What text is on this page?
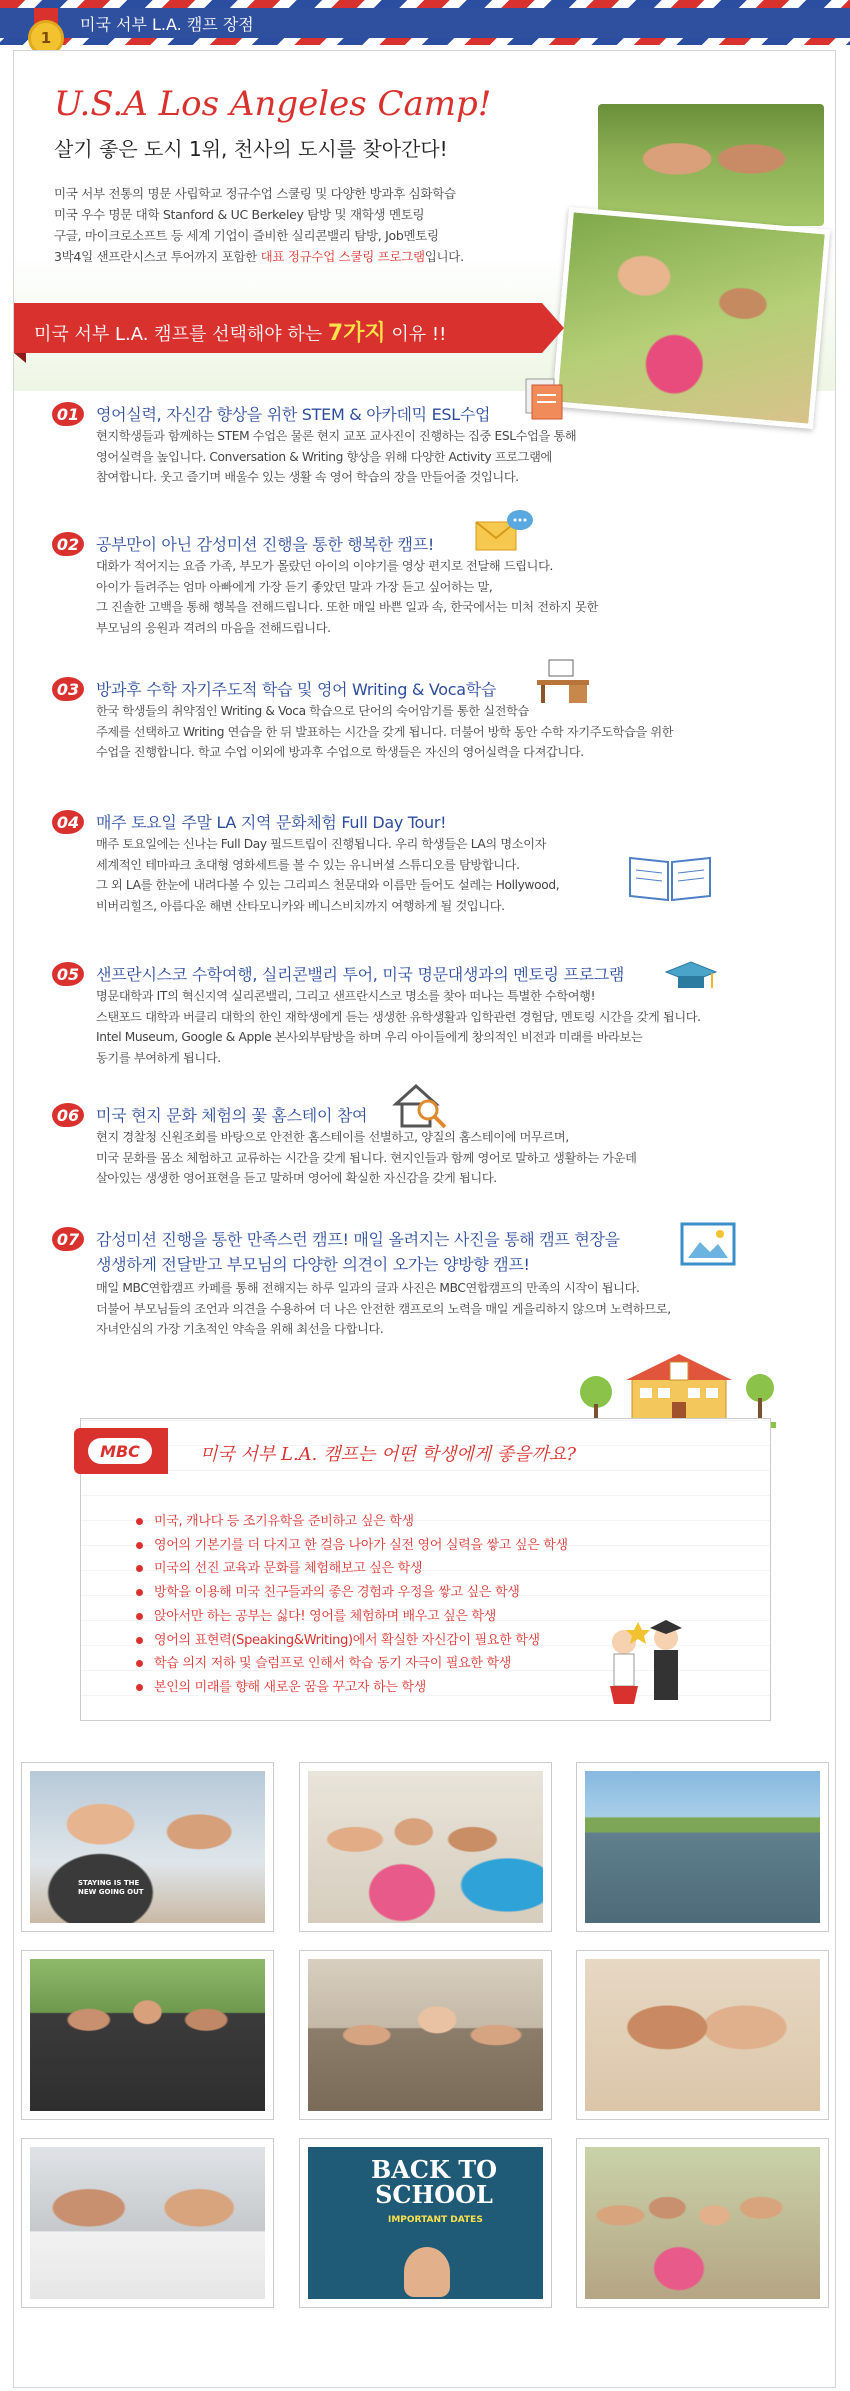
1
미국 서부 L.A. 캠프 장점
U.S.A Los Angeles Camp!
살기 좋은 도시 1위, 천사의 도시를 찾아간다!
미국 서부 전통의 명문 사립학교 정규수업 스쿨링 및 다양한 방과후 심화학습
미국 우수 명문 대학 Stanford & UC Berkeley 탐방 및 재학생 멘토링
구글, 마이크로소프트 등 세계 기업이 즐비한 실리콘밸리 탐방, Job멘토링
3박4일 샌프란시스코 투어까지 포함한 대표 정규수업 스쿨링 프로그램입니다.
미국 서부 L.A. 캠프를 선택해야 하는 7가지 이유 !!
01	영어실력, 자신감 향상을 위한 STEM & 아카데믹 ESL수업
현지학생들과 함께하는 STEM 수업은 물론 현지 교포 교사진이 진행하는 집중 ESL수업을 통해
영어실력을 높입니다. Conversation & Writing 향상을 위해 다양한 Activity 프로그램에
참여합니다. 웃고 즐기며 배울수 있는 생활 속 영어 학습의 장을 만들어줄 것입니다.
02	공부만이 아닌 감성미션 진행을 통한 행복한 캠프!
대화가 적어지는 요즘 가족, 부모가 몰랐던 아이의 이야기를 영상 편지로 전달해 드립니다.
아이가 들려주는 엄마 아빠에게 가장 듣기 좋았던 말과 가장 듣고 싶어하는 말,
그 진솔한 고백을 통해 행복을 전해드립니다. 또한 매일 바쁜 일과 속, 한국에서는 미처 전하지 못한
부모님의 응원과 격려의 마음을 전해드립니다.
03	방과후 수학 자기주도적 학습 및 영어 Writing & Voca학습
한국 학생들의 취약점인 Writing & Voca 학습으로 단어의 숙어암기를 통한 실전학습
주제를 선택하고 Writing 연습을 한 뒤 발표하는 시간을 갖게 됩니다. 더불어 방학 동안 수학 자기주도학습을 위한
수업을 진행합니다. 학교 수업 이외에 방과후 수업으로 학생들은 자신의 영어실력을 다져갑니다.
04	매주 토요일 주말 LA 지역 문화체험 Full Day Tour!
매주 토요일에는 신나는 Full Day 필드트립이 진행됩니다. 우리 학생들은 LA의 명소이자
세계적인 테마파크 초대형 영화세트를 볼 수 있는 유니버셜 스튜디오를 탐방합니다.
그 외 LA를 한눈에 내려다볼 수 있는 그리피스 천문대와 이름만 들어도 설레는 Hollywood,
비버리힐즈, 아름다운 해변 산타모니카와 베니스비치까지 여행하게 될 것입니다.
05	샌프란시스코 수학여행, 실리콘밸리 투어, 미국 명문대생과의 멘토링 프로그램
명문대학과 IT의 혁신지역 실리콘밸리, 그리고 샌프란시스코 명소를 찾아 떠나는 특별한 수학여행!
스탠포드 대학과 버클리 대학의 한인 재학생에게 듣는 생생한 유학생활과 입학관련 경험담, 멘토링 시간을 갖게 됩니다.
Intel Museum, Google & Apple 본사외부탐방을 하며 우리 아이들에게 창의적인 비전과 미래를 바라보는
동기를 부여하게 됩니다.
06	미국 현지 문화 체험의 꽃 홈스테이 참여
현지 경찰청 신원조회를 바탕으로 안전한 홈스테이를 선별하고, 양질의 홈스테이에 머무르며,
미국 문화를 몸소 체험하고 교류하는 시간을 갖게 됩니다. 현지인들과 함께 영어로 말하고 생활하는 가운데
살아있는 생생한 영어표현을 듣고 말하며 영어에 확실한 자신감을 갖게 됩니다.
07	감성미션 진행을 통한 만족스런 캠프! 매일 올려지는 사진을 통해 캠프 현장을
생생하게 전달받고 부모님의 다양한 의견이 오가는 양방향 캠프!
매일 MBC연합캠프 카페를 통해 전해지는 하루 일과의 글과 사진은 MBC연합캠프의 만족의 시작이 됩니다.
더불어 부모님들의 조언과 의견을 수용하여 더 나은 안전한 캠프로의 노력을 매일 게을리하지 않으며 노력하므로,
자녀안심의 가장 기초적인 약속을 위해 최선을 다합니다.
MBC	미국 서부 L.A. 캠프는 어떤 학생에게 좋을까요?
미국, 캐나다 등 조기유학을 준비하고 싶은 학생
영어의 기본기를 더 다지고 한 걸음 나아가 실전 영어 실력을 쌓고 싶은 학생
미국의 선진 교육과 문화를 체험해보고 싶은 학생
방학을 이용해 미국 친구들과의 좋은 경험과 우정을 쌓고 싶은 학생
앉아서만 하는 공부는 싫다! 영어를 체험하며 배우고 싶은 학생
영어의 표현력(Speaking&Writing)에서 확실한 자신감이 필요한 학생
학습 의지 저하 및 슬럼프로 인해서 학습 동기 자극이 필요한 학생
본인의 미래를 향해 새로운 꿈을 꾸고자 하는 학생
STAYING IS THE NEW GOING OUT
BACK TO SCHOOL
IMPORTANT DATES
